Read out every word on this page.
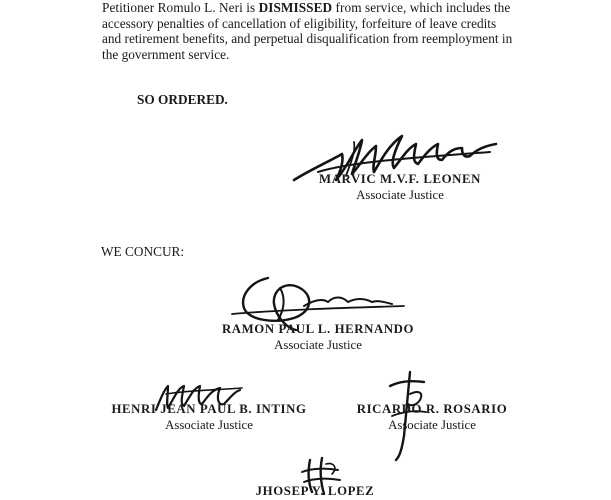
Petitioner Romulo L. Neri is DISMISSED from service, which includes the
accessory penalties of cancellation of eligibility, forfeiture of leave credits
and retirement benefits, and perpetual disqualification from reemployment in
the government service.

SO ORDERED.

MARVIC M.V.F. LEONEN
Associate Justice

WE CONCUR:

RAMON PAUL L. HERNANDO
Associate Justice
HENRI JEAN PAUL B. INTING
Associate Justice
RICARDO R. ROSARIO
Associate Justice
JHOSEP Y. LOPEZ
